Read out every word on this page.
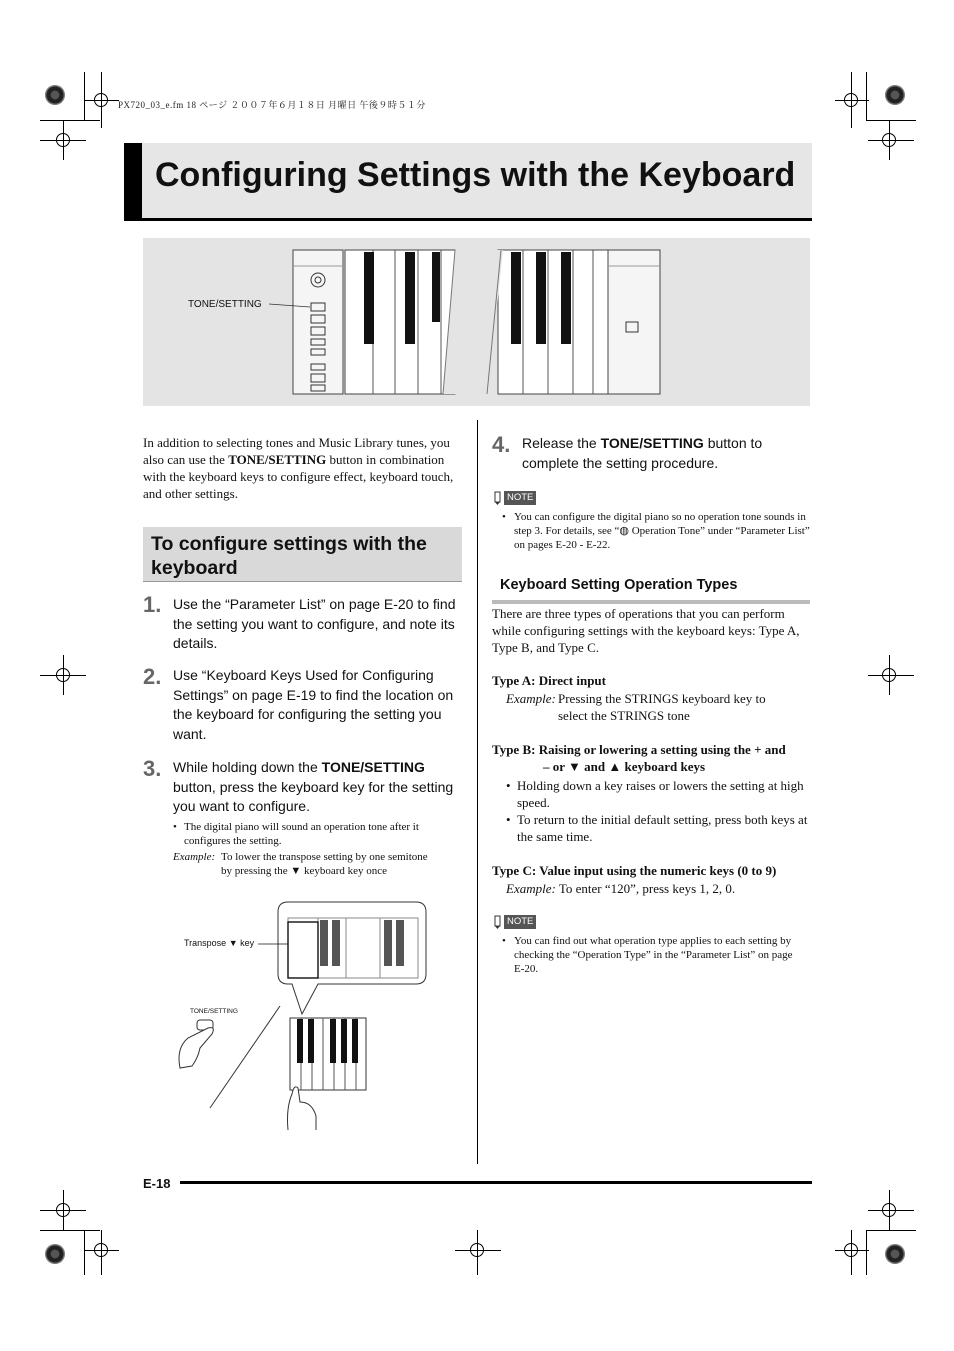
PX720_03_e.fm 18 ページ ２００７年６月１８日 月曜日 午後９時５１分
Configuring Settings with the Keyboard
TONE/SETTING
In addition to selecting tones and Music Library tunes, you also can use the TONE/SETTING button in combination with the keyboard keys to configure effect, keyboard touch, and other settings.
To configure settings with the keyboard
1. Use the “Parameter List” on page E-20 to find the setting you want to configure, and note its details.
2. Use “Keyboard Keys Used for Configuring Settings” on page E-19 to find the location on the keyboard for configuring the setting you want.
3. While holding down the TONE/SETTING button, press the keyboard key for the setting you want to configure.
• The digital piano will sound an operation tone after it configures the setting.
Example: To lower the transpose setting by one semitone by pressing the ▼ keyboard key once
Transpose ▼ key
TONE/SETTING
4. Release the TONE/SETTING button to complete the setting procedure.
NOTE
• You can configure the digital piano so no operation tone sounds in step 3. For details, see “◍ Operation Tone” under “Parameter List” on pages E-20 - E-22.
Keyboard Setting Operation Types
There are three types of operations that you can perform while configuring settings with the keyboard keys: Type A, Type B, and Type C.
Type A: Direct input
Example: Pressing the STRINGS keyboard key to select the STRINGS tone
Type B: Raising or lowering a setting using the + and
– or ▼ and ▲ keyboard keys
• Holding down a key raises or lowers the setting at high speed.
• To return to the initial default setting, press both keys at the same time.
Type C: Value input using the numeric keys (0 to 9)
Example: To enter “120”, press keys 1, 2, 0.
NOTE
• You can find out what operation type applies to each setting by checking the “Operation Type” in the “Parameter List” on page E-20.
E-18
